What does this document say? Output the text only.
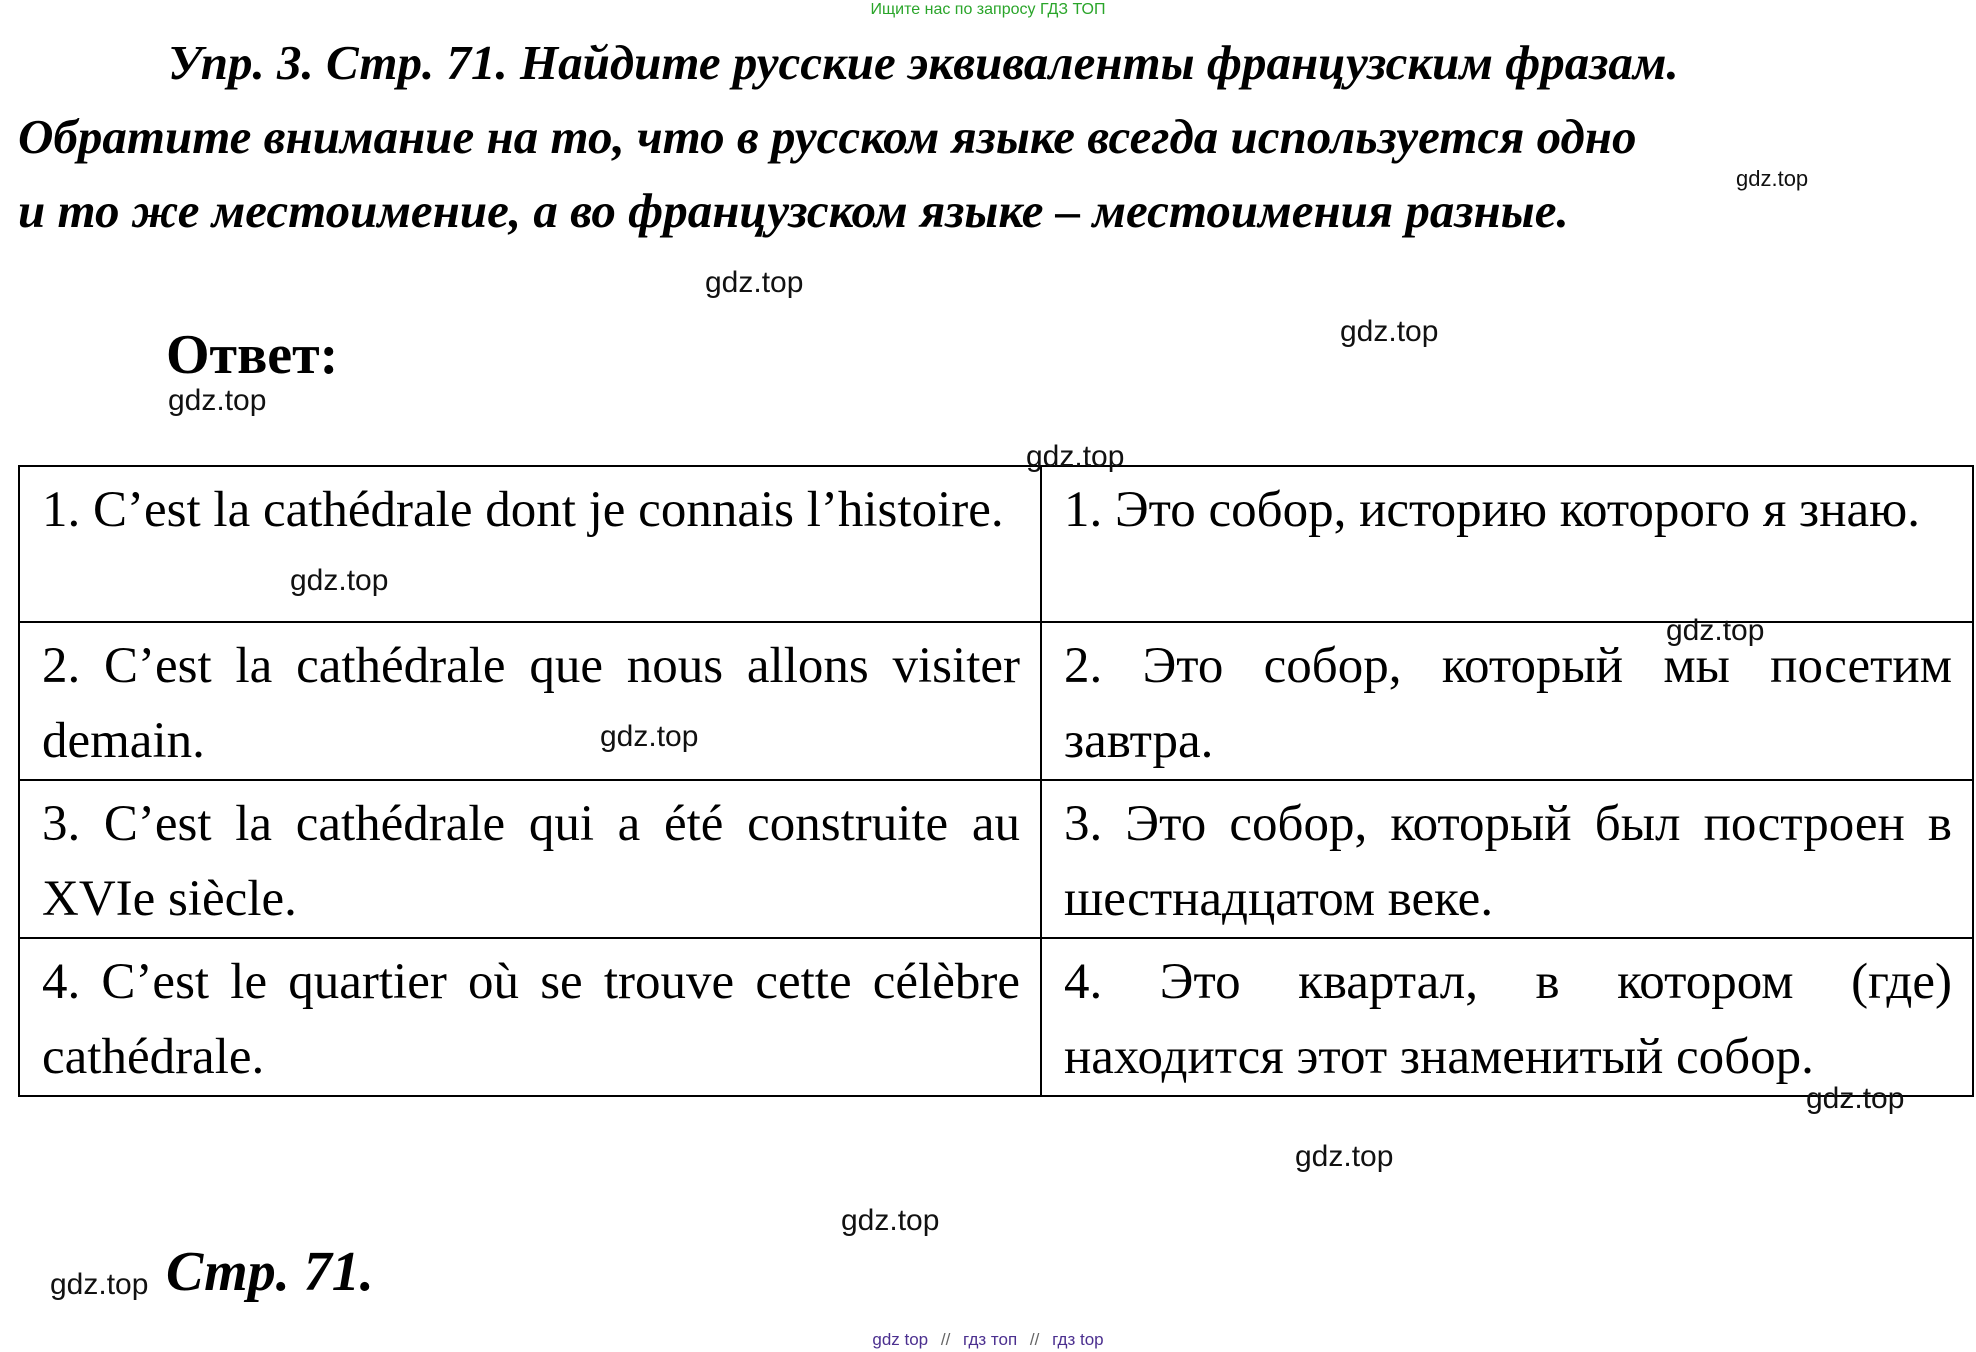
Ищите нас по запросу ГДЗ ТОП
Упр. 3. Стр. 71. Найдите русские эквиваленты французским фразам.
Обратите внимание на то, что в русском языке всегда используется одно
и то же местоимение, а во французском языке – местоимения разные.
Ответ:
1. C’est la cathédrale dont je connais l’histoire.	1. Это собор, историю которого я знаю.
2. C’est la cathédrale que nous allons visiter demain.	2. Это собор, который мы посетим завтра.
3. C’est la cathédrale qui a été construite au XVIe siècle.	3. Это собор, который был построен в шестнадцатом веке.
4. C’est le quartier où se trouve cette célèbre cathédrale.	4. Это квартал, в котором (где) находится этот знаменитый собор.
gdz.top
gdz.top
gdz.top
gdz.top
gdz.top
gdz.top
gdz.top
gdz.top
gdz.top
gdz.top
gdz.top
gdz.top Стр. 71.
gdz top // гдз топ // гдз top
